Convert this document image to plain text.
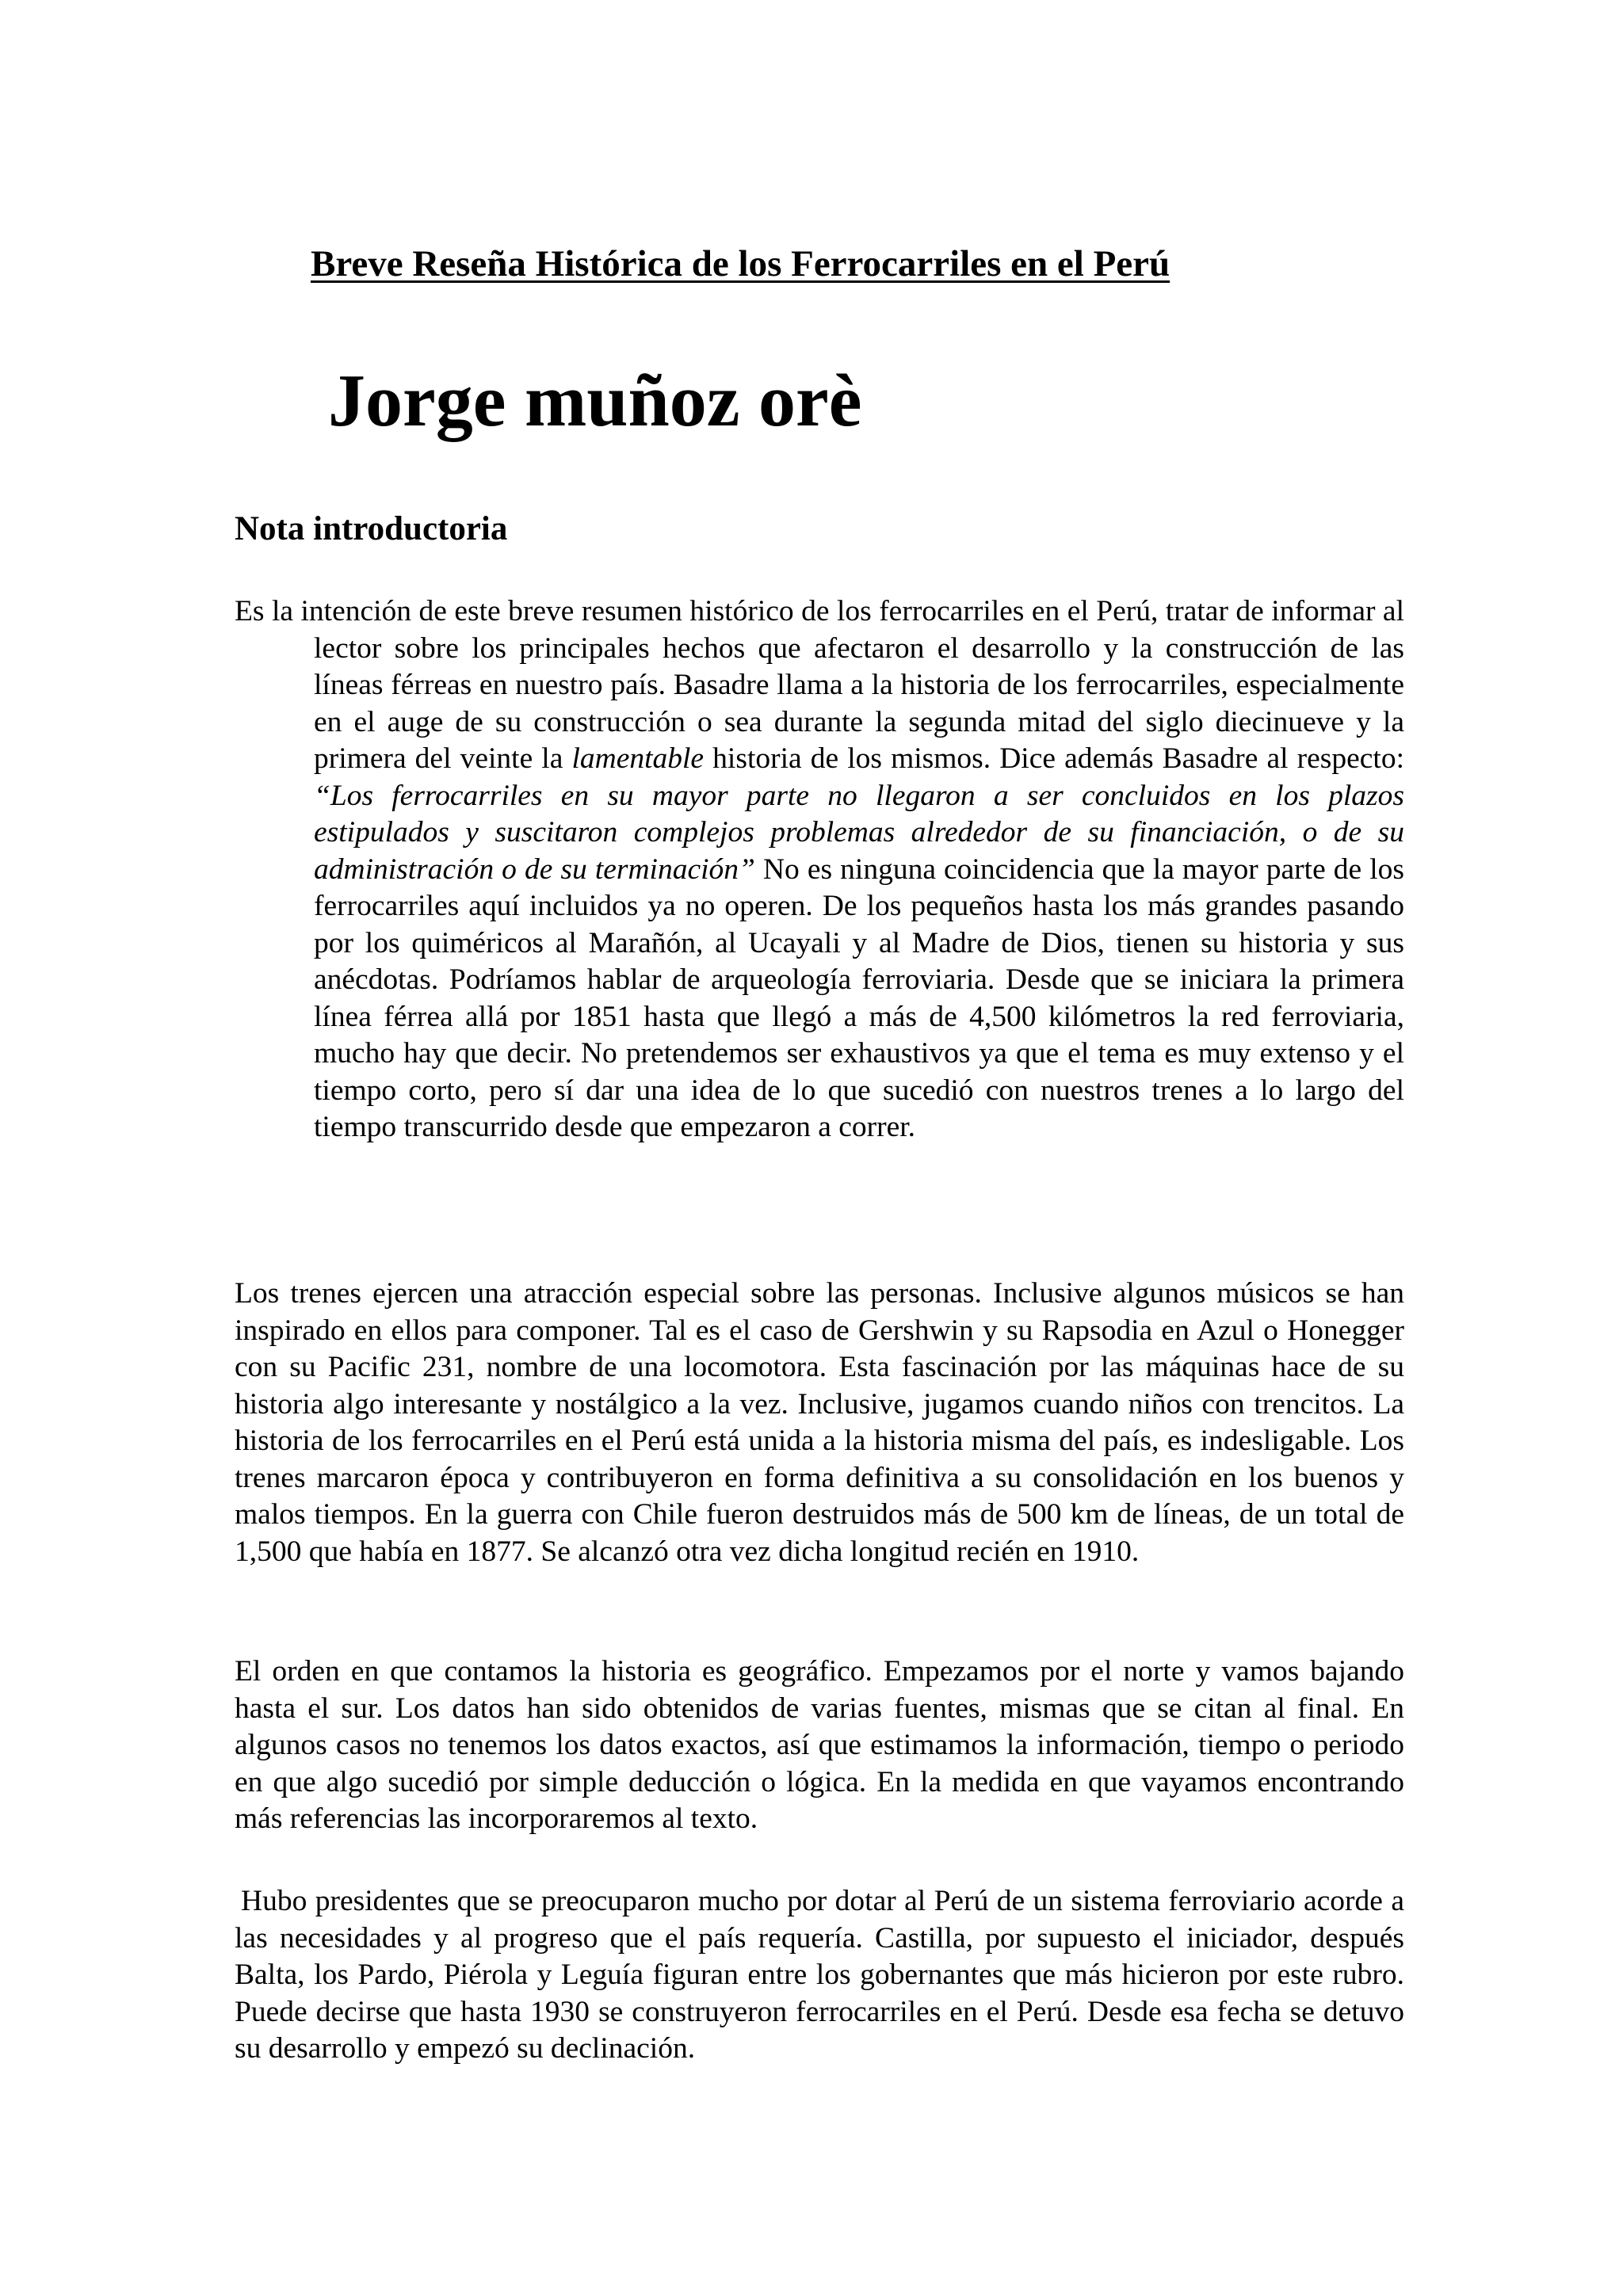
Breve Reseña Histórica de los Ferrocarriles en el Perú
Jorge muñoz orè
Nota introductoria

Es la intención de este breve resumen histórico de los ferrocarriles en el Perú, tratar de informar al lector sobre los principales hechos que afectaron el desarrollo y la construcción de las líneas férreas en nuestro país. Basadre llama a la historia de los ferrocarriles, especialmente en el auge de su construcción o sea durante la segunda mitad del siglo diecinueve y la primera del veinte la lamentable historia de los mismos. Dice además Basadre al respecto: “Los ferrocarriles en su mayor parte no llegaron a ser concluidos en los plazos estipulados y suscitaron complejos problemas alrededor de su financiación, o de su administración o de su terminación” No es ninguna coincidencia que la mayor parte de los ferrocarriles aquí incluidos ya no operen. De los pequeños hasta los más grandes pasando por los quiméricos al Marañón, al Ucayali y al Madre de Dios, tienen su historia y sus anécdotas. Podríamos hablar de arqueología ferroviaria. Desde que se iniciara la primera línea férrea allá por 1851 hasta que llegó a más de 4,500 kilómetros la red ferroviaria, mucho hay que decir. No pretendemos ser exhaustivos ya que el tema es muy extenso y el tiempo corto, pero sí dar una idea de lo que sucedió con nuestros trenes a lo largo del tiempo transcurrido desde que empezaron a correr.

Los trenes ejercen una atracción especial sobre las personas. Inclusive algunos músicos se han inspirado en ellos para componer. Tal es el caso de Gershwin y su Rapsodia en Azul o Honegger con su Pacific 231, nombre de una locomotora. Esta fascinación por las máquinas hace de su historia algo interesante y nostálgico a la vez. Inclusive, jugamos cuando niños con trencitos. La historia de los ferrocarriles en el Perú está unida a la historia misma del país, es indesligable. Los trenes marcaron época y contribuyeron en forma definitiva a su consolidación en los buenos y malos tiempos. En la guerra con Chile fueron destruidos más de 500 km de líneas, de un total de 1,500 que había en 1877. Se alcanzó otra vez dicha longitud recién en 1910.

El orden en que contamos la historia es geográfico. Empezamos por el norte y vamos bajando hasta el sur. Los datos han sido obtenidos de varias fuentes, mismas que se citan al final. En algunos casos no tenemos los datos exactos, así que estimamos la información, tiempo o periodo en que algo sucedió por simple deducción o lógica. En la medida en que vayamos encontrando más referencias las incorporaremos al texto.

Hubo presidentes que se preocuparon mucho por dotar al Perú de un sistema ferroviario acorde a las necesidades y al progreso que el país requería. Castilla, por supuesto el iniciador, después Balta, los Pardo, Piérola y Leguía figuran entre los gobernantes que más hicieron por este rubro. Puede decirse que hasta 1930 se construyeron ferrocarriles en el Perú. Desde esa fecha se detuvo su desarrollo y empezó su declinación.
